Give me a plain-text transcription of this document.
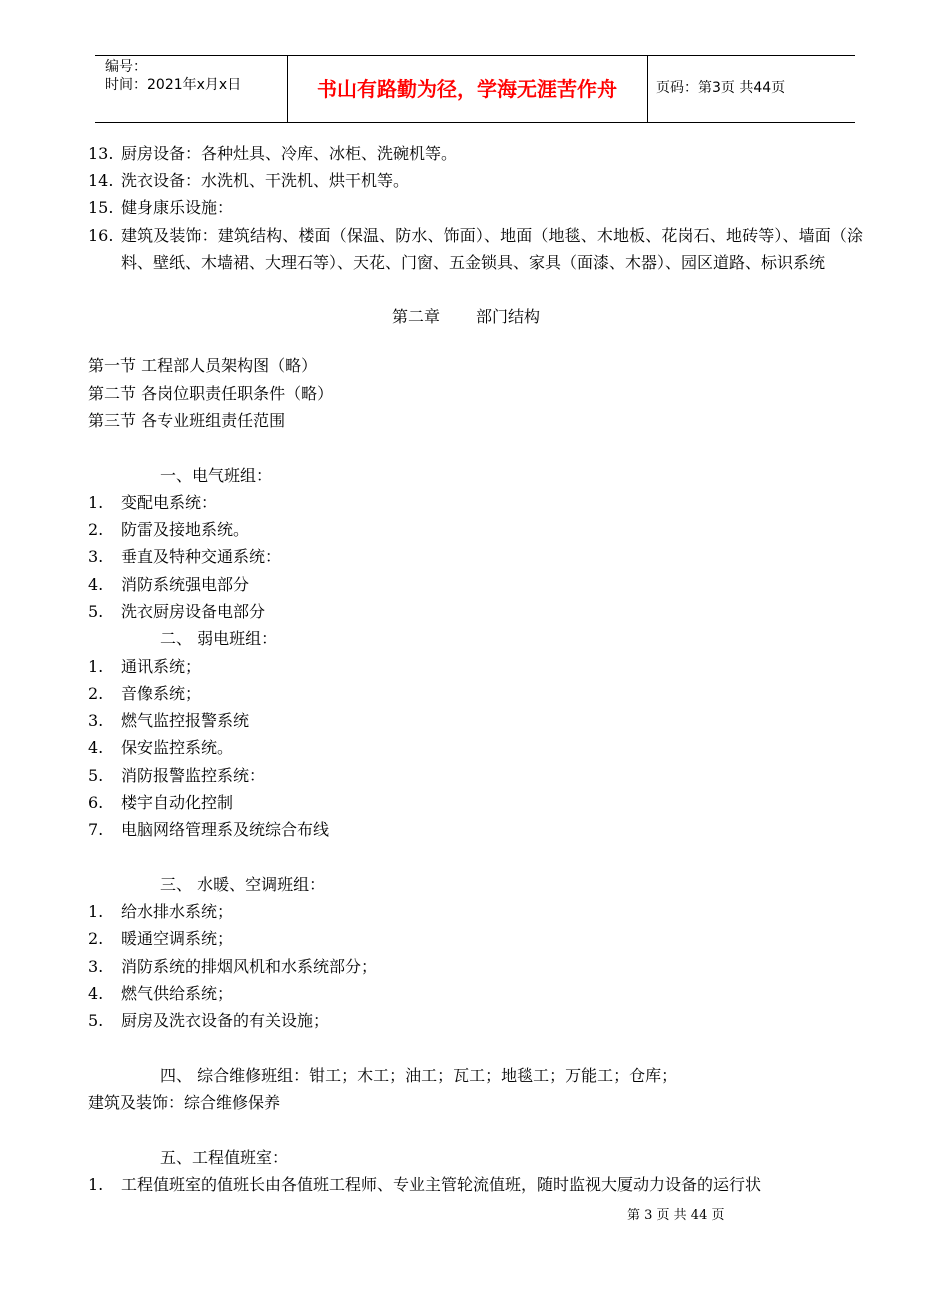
编号：
时间：2021年x月x日	书山有路勤为径，学海无涯苦作舟	页码：第3页 共44页
13. 厨房设备：各种灶具、冷库、冰柜、洗碗机等。
14. 洗衣设备：水洗机、干洗机、烘干机等。
15. 健身康乐设施：
16. 建筑及装饰：建筑结构、楼面（保温、防水、饰面）、地面（地毯、木地板、花岗石、地砖等）、墙面（涂料、壁纸、木墙裙、大理石等）、天花、门窗、五金锁具、家具（面漆、木器）、园区道路、标识系统
第二章 部门结构
第一节 工程部人员架构图（略）
第二节 各岗位职责任职条件（略）
第三节 各专业班组责任范围
一、电气班组：
1. 变配电系统：
2. 防雷及接地系统。
3. 垂直及特种交通系统：
4. 消防系统强电部分
5. 洗衣厨房设备电部分
二、 弱电班组：
1. 通讯系统；
2. 音像系统；
3. 燃气监控报警系统
4. 保安监控系统。
5. 消防报警监控系统：
6. 楼宇自动化控制
7. 电脑网络管理系及统综合布线
三、 水暖、空调班组：
1. 给水排水系统；
2. 暖通空调系统；
3. 消防系统的排烟风机和水系统部分；
4. 燃气供给系统；
5. 厨房及洗衣设备的有关设施；
四、 综合维修班组：钳工；木工；油工；瓦工；地毯工；万能工；仓库；
建筑及装饰：综合维修保养
五、工程值班室：
1. 工程值班室的值班长由各值班工程师、专业主管轮流值班，随时监视大厦动力设备的运行状
第 3 页 共 44 页
